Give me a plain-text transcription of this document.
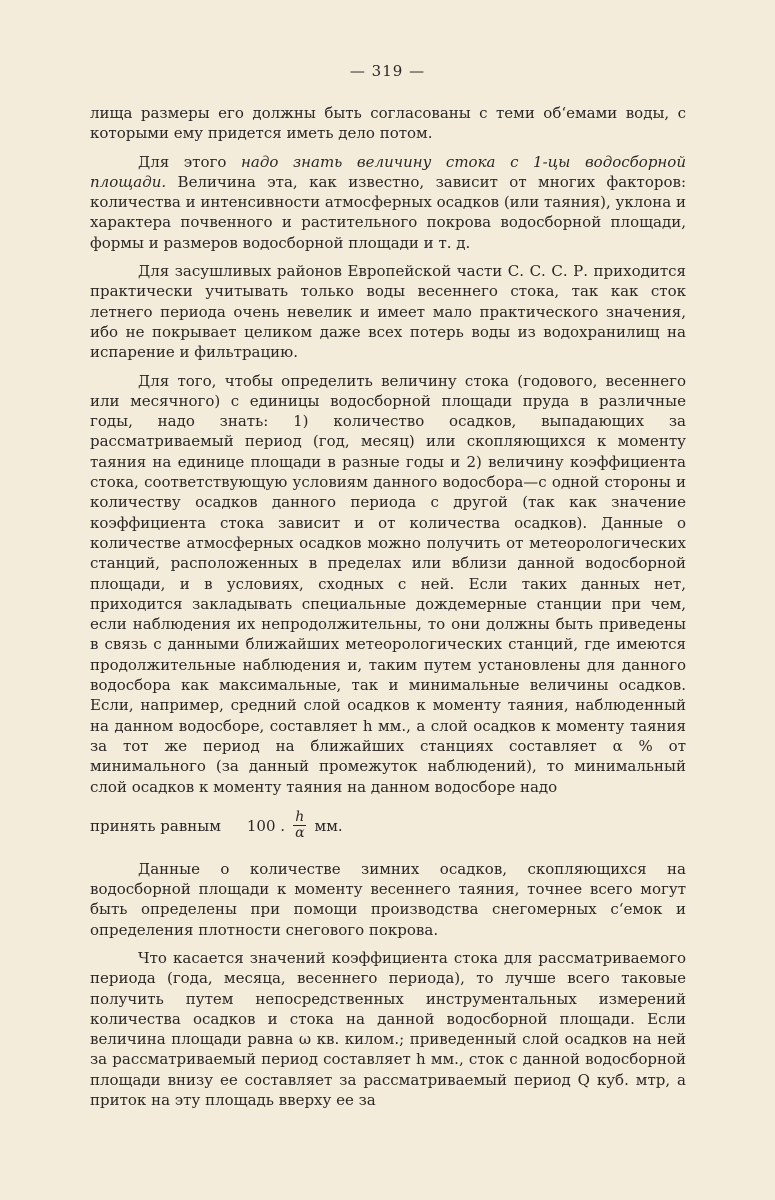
— 319 —

лища размеры его должны быть согласованы с теми об‘емами воды, с которыми ему придется иметь дело потом.

Для этого надо знать величину стока с 1-цы водосборной площади. Величина эта, как известно, зависит от многих факторов: количества и интенсивности атмосферных осадков (или таяния), уклона и характера почвенного и растительного покрова водосборной площади, формы и размеров водосборной площади и т. д.

Для засушливых районов Европейской части С. С. С. Р. приходится практически учитывать только воды весеннего стока, так как сток летнего периода очень невелик и имеет мало практического значения, ибо не покрывает целиком даже всех потерь воды из водохранилищ на испарение и фильтрацию.

Для того, чтобы определить величину стока (годового, весеннего или месячного) с единицы водосборной площади пруда в различные годы, надо знать: 1) количество осадков, выпадающих за рассматриваемый период (год, месяц) или скопляющихся к моменту таяния на единице площади в разные годы и 2) величину коэффициента стока, соответствующую условиям данного водосбора—с одной стороны и количеству осадков данного периода с другой (так как значение коэффициента стока зависит и от количества осадков). Данные о количестве атмосферных осадков можно получить от метеорологических станций, расположенных в пределах или вблизи данной водосборной площади, и в условиях, сходных с ней. Если таких данных нет, приходится закладывать специальные дождемерные станции при чем, если наблюдения их непродолжительны, то они должны быть приведены в связь с данными ближайших метеорологических станций, где имеются продолжительные наблюдения и, таким путем установлены для данного водосбора как максимальные, так и минимальные величины осадков. Если, например, средний слой осадков к моменту таяния, наблюденный на данном водосборе, составляет h мм., а слой осадков к моменту таяния за тот же период на ближайших станциях составляет α % от минимального (за данный промежуток наблюдений), то минимальный слой осадков к моменту таяния на данном водосборе надо

принять равным 100 . $\frac{h}{\alpha}$ мм.

Данные о количестве зимних осадков, скопляющихся на водосборной площади к моменту весеннего таяния, точнее всего могут быть определены при помощи производства снегомерных с‘емок и определения плотности снегового покрова.

Что касается значений коэффициента стока для рассматриваемого периода (года, месяца, весеннего периода), то лучше всего таковые получить путем непосредственных инструментальных измерений количества осадков и стока на данной водосборной площади. Если величина площади равна ω кв. килом.; приведенный слой осадков на ней за рассматриваемый период составляет h мм., сток с данной водосборной площади внизу ее составляет за рассматриваемый период Q куб. мтр, а приток на эту площадь вверху ее за
